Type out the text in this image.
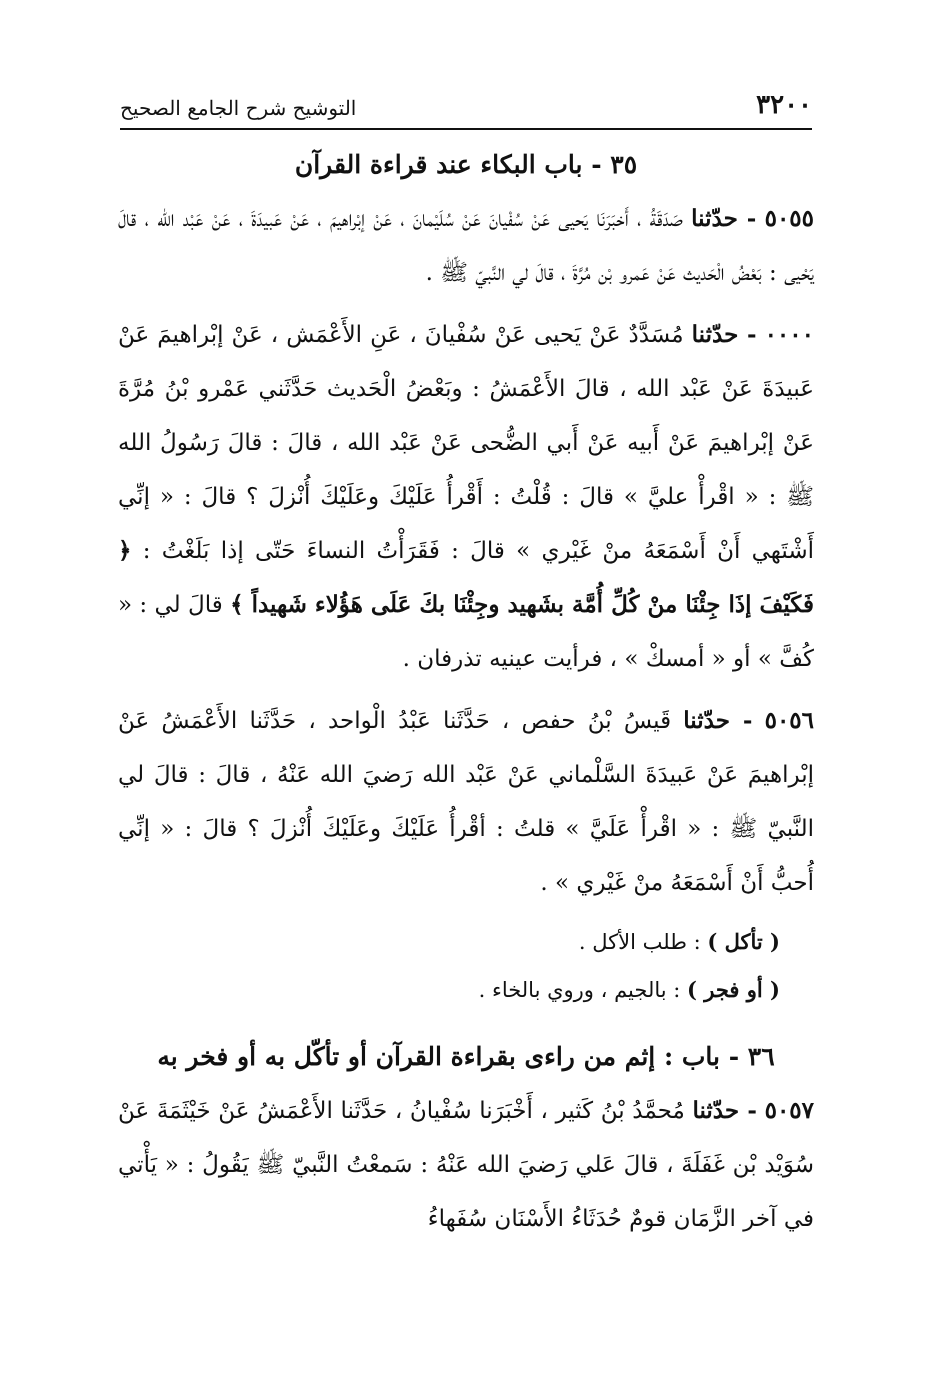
٣٢٠٠
التوشيح شرح الجامع الصحيح
٣٥ - باب البكاء عند قراءة القرآن

٥٠٥٥ - حدّثنا صَدَقَةُ ، أَخبَرَنَا يَحيى عَنْ سُفْيانَ عَنْ سُلَيْمانَ ، عَنْ إبْراهيمَ ، عَنْ عَبيدَةَ ، عَنْ عَبْد الله ، قالَ يَحْيى : بَعْضُ الْحَديث عَنْ عَمرو بْن مُرَّةَ ، قالَ لي النَّبيّ ﷺ .

٠٠٠٠ - حدّثنا مُسَدَّدٌ عَنْ يَحيى عَنْ سُفْيانَ ، عَنِ الأَعْمَش ، عَنْ إبْراهيمَ عَنْ عَبيدَةَ عَنْ عَبْد الله ، قالَ الأَعْمَشُ : وبَعْضُ الْحَديث حَدَّثَني عَمْرو بْنُ مُرَّةَ عَنْ إبْراهيمَ عَنْ أَبيه عَنْ أَبي الضُّحى عَنْ عَبْد الله ، قالَ : قالَ رَسُولُ الله ﷺ : « اقْرأْ عليَّ » قالَ : قُلْتُ : أَقْرأُ عَلَيْكَ وعَلَيْكَ أُنْزلَ ؟ قالَ : « إنِّي أَشْتَهي أَنْ أَسْمَعَهُ منْ غَيْري » قالَ : فَقَرَأْتُ النساءَ حَتّى إذا بَلَغْتُ : ﴿ فَكَيْفَ إذَا جِئْنَا منْ كُلِّ أُمَّة بشَهيد وجِئْنَا بكَ عَلَى هَؤُلاء شَهيداً ﴾ قالَ لي : « كُفَّ » أو « أمسكْ » ، فرأيت عينيه تذرفان .

٥٠٥٦ - حدّثنا قَيسُ بْنُ حفص ، حَدَّثَنا عَبْدُ الْواحد ، حَدَّثَنا الأَعْمَشُ عَنْ إبْراهيمَ عَنْ عَبيدَةَ السَّلْماني عَنْ عَبْد الله رَضيَ الله عَنْهُ ، قالَ : قالَ لي النَّبيّ ﷺ : « اقْرأْ عَلَيَّ » قلتُ : أقْرأُ عَلَيْكَ وعَلَيْكَ أُنْزلَ ؟ قالَ : « إنِّي أُحبُّ أَنْ أَسْمَعَهُ منْ غَيْري » .

( تأكل ) : طلب الأكل .

( أو فجر ) : بالجيم ، وروي بالخاء .

٣٦ - باب : إثم من راءى بقراءة القرآن أو تأكّل به أو فخر به

٥٠٥٧ - حدّثنا مُحمَّدُ بْنُ كَثير ، أَخْبَرَنا سُفْيانُ ، حَدَّثَنا الأَعْمَشُ عَنْ خَيْثَمَةَ عَنْ سُوَيْد بْن غَفَلَةَ ، قالَ عَلي رَضيَ الله عَنْهُ : سَمعْتُ النَّبيّ ﷺ يَقُولُ : « يَأْتي في آخر الزَّمَان قومٌ حُدَثَاءُ الأَسْنَان سُفَهاءُ
